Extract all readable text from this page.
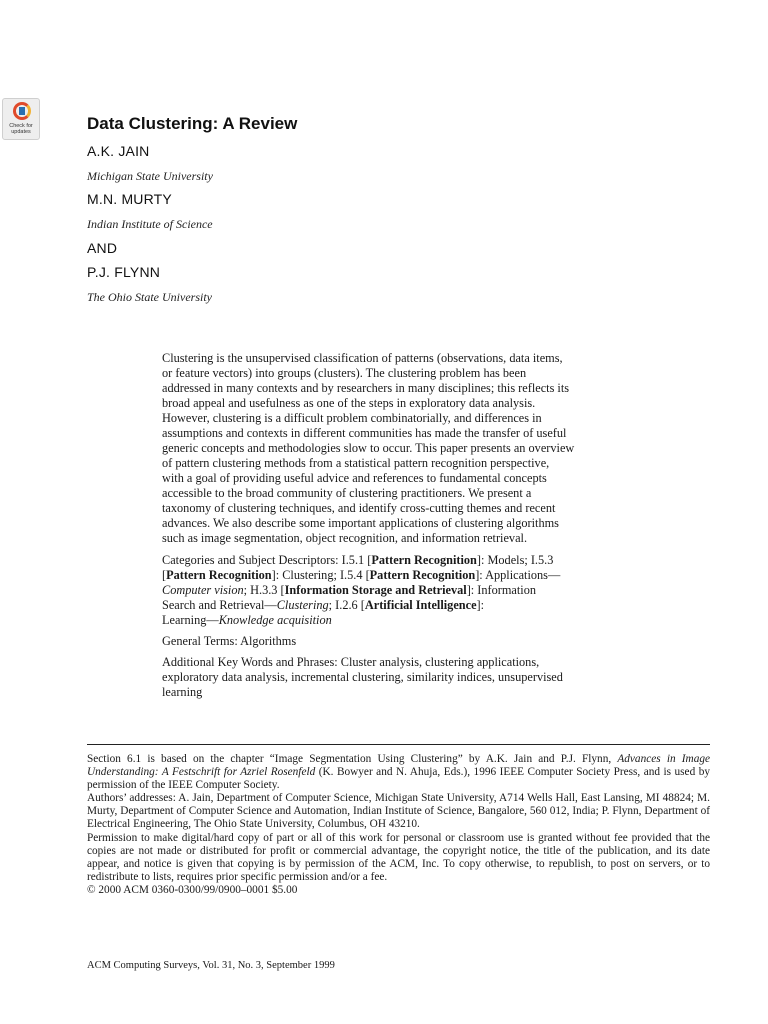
Check for
updates	Data Clustering: A Review
A.K. JAIN
Michigan State University
M.N. MURTY
Indian Institute of Science
AND
P.J. FLYNN
The Ohio State University

Clustering is the unsupervised classification of patterns (observations, data items,

or feature vectors) into groups (clusters). The clustering problem has been

addressed in many contexts and by researchers in many disciplines; this reflects its

broad appeal and usefulness as one of the steps in exploratory data analysis.

However, clustering is a difficult problem combinatorially, and differences in

assumptions and contexts in different communities has made the transfer of useful

generic concepts and methodologies slow to occur. This paper presents an overview

of pattern clustering methods from a statistical pattern recognition perspective,

with a goal of providing useful advice and references to fundamental concepts

accessible to the broad community of clustering practitioners. We present a

taxonomy of clustering techniques, and identify cross-cutting themes and recent

advances. We also describe some important applications of clustering algorithms

such as image segmentation, object recognition, and information retrieval.

Categories and Subject Descriptors: I.5.1 [Pattern Recognition]: Models; I.5.3
[Pattern Recognition]: Clustering; I.5.4 [Pattern Recognition]: Applications—
Computer vision; H.3.3 [Information Storage and Retrieval]: Information
Search and Retrieval—Clustering; I.2.6 [Artificial Intelligence]:
Learning—Knowledge acquisition

General Terms: Algorithms

Additional Key Words and Phrases: Cluster analysis, clustering applications,

exploratory data analysis, incremental clustering, similarity indices, unsupervised

learning

Section 6.1 is based on the chapter “Image Segmentation Using Clustering” by A.K. Jain and P.J. Flynn, Advances in Image Understanding: A Festschrift for Azriel Rosenfeld (K. Bowyer and N. Ahuja, Eds.), 1996 IEEE Computer Society Press, and is used by permission of the IEEE Computer Society.

Authors’ addresses: A. Jain, Department of Computer Science, Michigan State University, A714 Wells Hall, East Lansing, MI 48824; M. Murty, Department of Computer Science and Automation, Indian Institute of Science, Bangalore, 560 012, India; P. Flynn, Department of Electrical Engineering, The Ohio State University, Columbus, OH 43210.

Permission to make digital/hard copy of part or all of this work for personal or classroom use is granted without fee provided that the copies are not made or distributed for profit or commercial advantage, the copyright notice, the title of the publication, and its date appear, and notice is given that copying is by permission of the ACM, Inc. To copy otherwise, to republish, to post on servers, or to redistribute to lists, requires prior specific permission and/or a fee.

© 2000 ACM 0360-0300/99/0900–0001 $5.00

ACM Computing Surveys, Vol. 31, No. 3, September 1999
